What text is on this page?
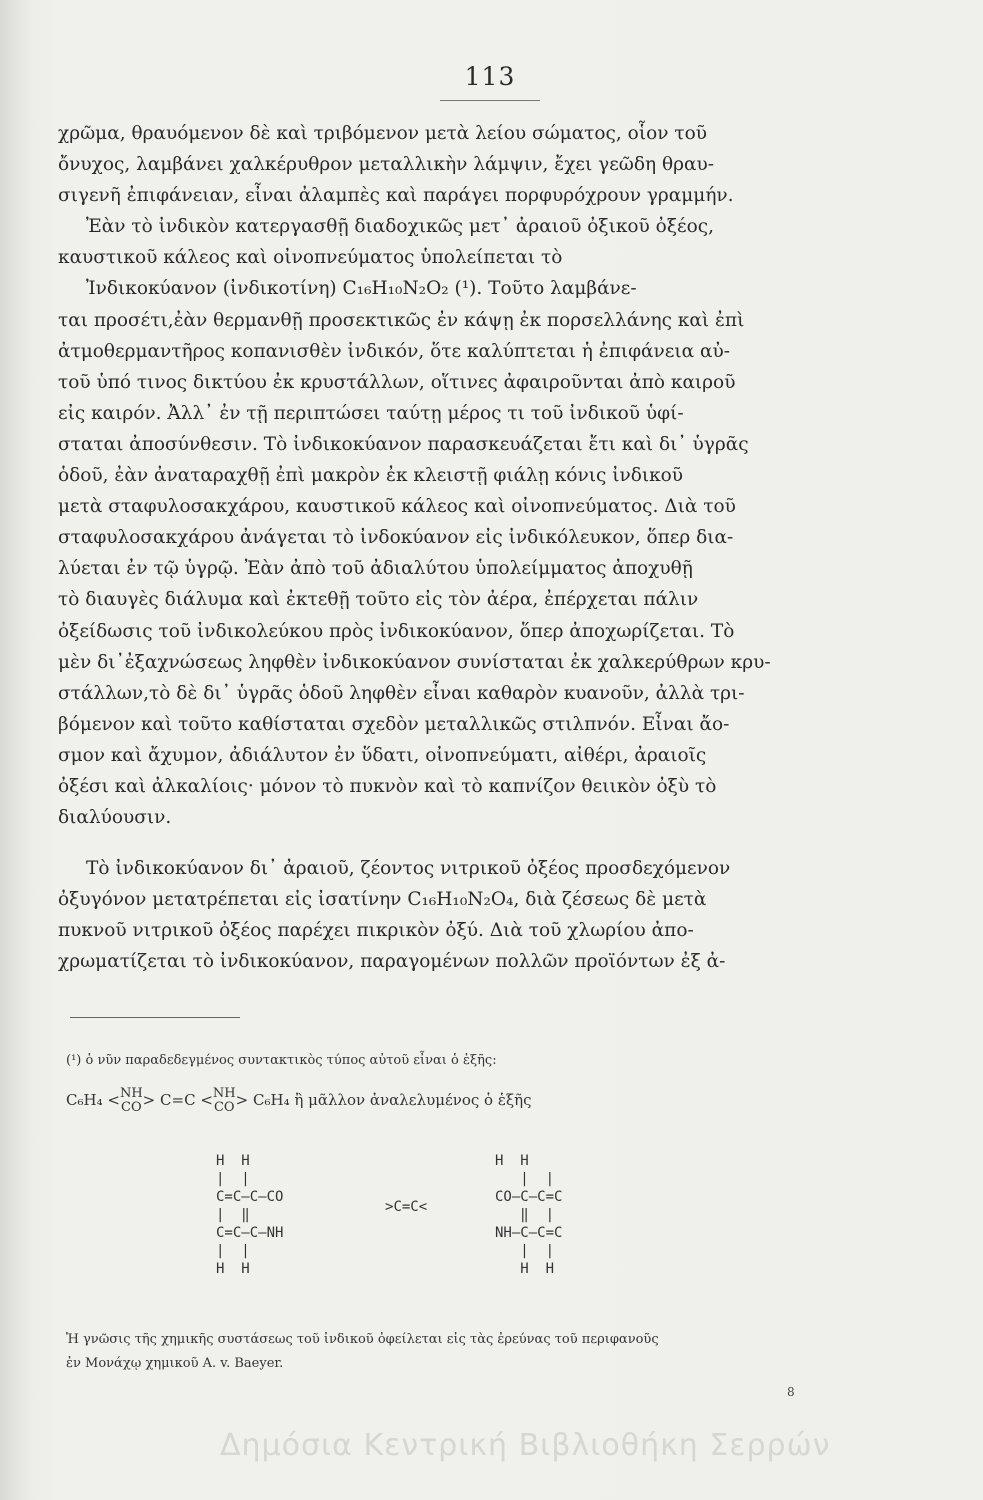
113
χρῶμα, θραυόμενον δὲ καὶ τριβόμενον μετὰ λείου σώματος, οἷον τοῦ
ὄνυχος, λαμβάνει χαλκέρυθρον μεταλλικὴν λάμψιν, ἔχει γεῶδη θραυ-
σιγενῆ ἐπιφάνειαν, εἶναι ἀλαμπὲς καὶ παράγει πορφυρόχρουν γραμμήν.
Ἐὰν τὸ ἰνδικὸν κατεργασθῇ διαδοχικῶς μετ᾽ ἀραιοῦ ὀξικοῦ ὀξέος,
καυστικοῦ κάλεος καὶ οἰνοπνεύματος ὑπολείπεται τὸ
Ἰνδικοκύανον (ἰνδικοτίνη) C₁₆H₁₀N₂O₂ (¹). Τοῦτο λαμβάνε-
ται προσέτι,ἐὰν θερμανθῇ προσεκτικῶς ἐν κάψῃ ἐκ πορσελλάνης καὶ ἐπὶ
ἀτμοθερμαντῆρος κοπανισθὲν ἰνδικόν, ὅτε καλύπτεται ἡ ἐπιφάνεια αὐ-
τοῦ ὑπό τινος δικτύου ἐκ κρυστάλλων, οἵτινες ἀφαιροῦνται ἀπὸ καιροῦ
εἰς καιρόν. Ἀλλ᾽ ἐν τῇ περιπτώσει ταύτῃ μέρος τι τοῦ ἰνδικοῦ ὑφί-
σταται ἀποσύνθεσιν. Τὸ ἰνδικοκύανον παρασκευάζεται ἔτι καὶ δι᾽ ὑγρᾶς
ὁδοῦ, ἐὰν ἀναταραχθῇ ἐπὶ μακρὸν ἐκ κλειστῇ φιάλῃ κόνις ἰνδικοῦ
μετὰ σταφυλοσακχάρου, καυστικοῦ κάλεος καὶ οἰνοπνεύματος. Διὰ τοῦ
σταφυλοσακχάρου ἀνάγεται τὸ ἰνδοκύανον εἰς ἰνδικόλευκον, ὅπερ δια-
λύεται ἐν τῷ ὑγρῷ. Ἐὰν ἀπὸ τοῦ ἀδιαλύτου ὑπολείμματος ἀποχυθῇ
τὸ διαυγὲς διάλυμα καὶ ἐκτεθῇ τοῦτο εἰς τὸν ἀέρα, ἐπέρχεται πάλιν
ὀξείδωσις τοῦ ἰνδικολεύκου πρὸς ἰνδικοκύανον, ὅπερ ἀποχωρίζεται. Τὸ
μὲν δι᾽ἐξαχνώσεως ληφθὲν ἰνδικοκύανον συνίσταται ἐκ χαλκερύθρων κρυ-
στάλλων,τὸ δὲ δι᾽ ὑγρᾶς ὁδοῦ ληφθὲν εἶναι καθαρὸν κυανοῦν, ἀλλὰ τρι-
βόμενον καὶ τοῦτο καθίσταται σχεδὸν μεταλλικῶς στιλπνόν. Εἶναι ἄο-
σμον καὶ ἄχυμον, ἀδιάλυτον ἐν ὕδατι, οἰνοπνεύματι, αἰθέρι, ἀραιοῖς
ὀξέσι καὶ ἀλκαλίοις· μόνον τὸ πυκνὸν καὶ τὸ καπνίζον θειικὸν ὀξὺ τὸ
διαλύουσιν.
Τὸ ἰνδικοκύανον δι᾽ ἀραιοῦ, ζέοντος νιτρικοῦ ὀξέος προσδεχόμενον
ὀξυγόνον μετατρέπεται εἰς ἰσατίνην C₁₆H₁₀N₂O₄, διὰ ζέσεως δὲ μετὰ
πυκνοῦ νιτρικοῦ ὀξέος παρέχει πικρικὸν ὀξύ. Διὰ τοῦ χλωρίου ἀπο-
χρωματίζεται τὸ ἰνδικοκύανον, παραγομένων πολλῶν προϊόντων ἐξ ἀ-
(¹) ὁ νῦν παραδεδεγμένος συντακτικὸς τύπος αὐτοῦ εἶναι ὁ ἑξῆς:
C₆H₄ <NH
CO> C=C <NH
CO> C₆H₄ ἢ μᾶλλον ἀναλελυμένος ὁ ἑξῆς
H  H
|  |
C=C—C—CO
|  ‖
C=C—C—NH
|  |
H  H
>C=C<
H  H
|  |
CO—C—C=C
‖  |
NH—C—C=C
|  |
H  H
Ἡ γνῶσις τῆς χημικῆς συστάσεως τοῦ ἰνδικοῦ ὀφείλεται εἰς τὰς ἐρεύνας τοῦ περιφανοῦς
ἐν Μονάχῳ χημικοῦ A. v. Baeyer.
8
Δημόσια Κεντρική Βιβλιοθήκη Σερρών
